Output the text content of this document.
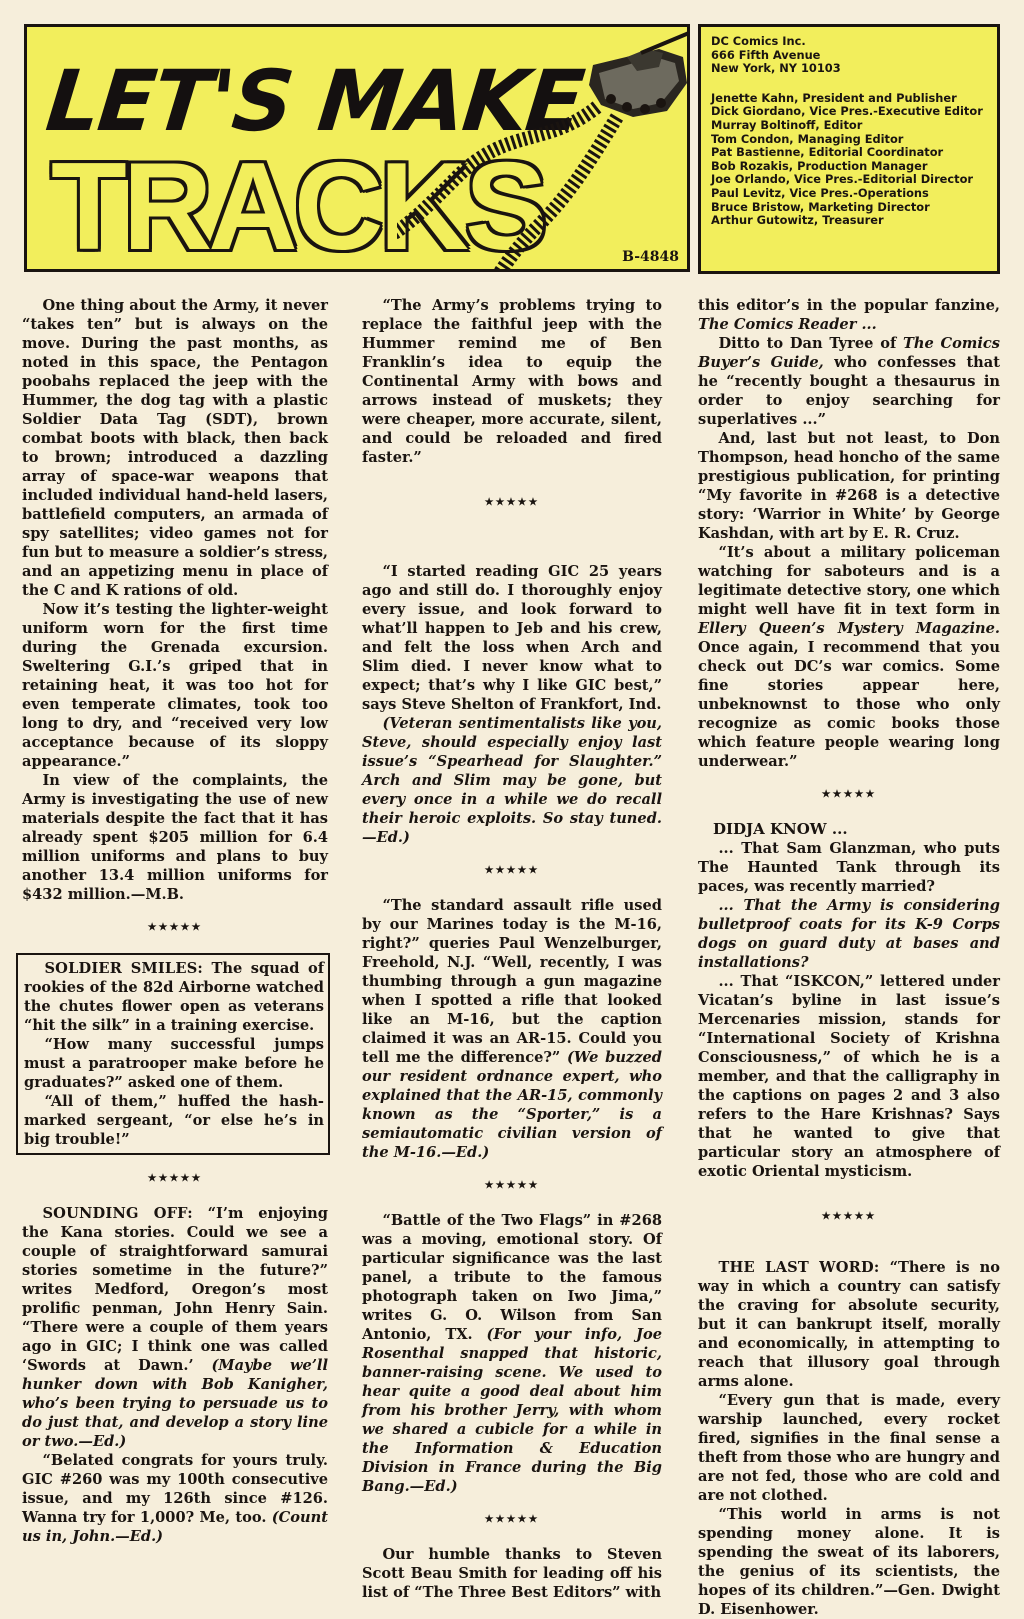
LET'S MAKE
TRACKS	B-4848
DC Comics Inc.
666 Fifth Avenue
New York, NY 10103
Jenette Kahn, President and Publisher
Dick Giordano, Vice Pres.-Executive Editor
Murray Boltinoff, Editor
Tom Condon, Managing Editor
Pat Bastienne, Editorial Coordinator
Bob Rozakis, Production Manager
Joe Orlando, Vice Pres.-Editorial Director
Paul Levitz, Vice Pres.-Operations
Bruce Bristow, Marketing Director
Arthur Gutowitz, Treasurer

One thing about the Army, it never “takes ten” but is always on the move. During the past months, as noted in this space, the Pentagon poobahs replaced the jeep with the Hummer, the dog tag with a plastic Soldier Data Tag (SDT), brown combat boots with black, then back to brown; introduced a dazzling array of space-war weapons that included individual hand-held lasers, battlefield computers, an armada of spy satellites; video games not for fun but to measure a soldier’s stress, and an appetizing menu in place of the C and K rations of old.

Now it’s testing the lighter-weight uniform worn for the first time during the Grenada excursion. Sweltering G.I.’s griped that in retaining heat, it was too hot for even temperate climates, took too long to dry, and “received very low acceptance because of its sloppy appearance.”

In view of the complaints, the Army is investigating the use of new materials despite the fact that it has already spent $205 million for 6.4 million uniforms and plans to buy another 13.4 million uniforms for $432 million.—M.B.

★★★★★

SOLDIER SMILES: The squad of rookies of the 82d Airborne watched the chutes flower open as veterans “hit the silk” in a training exercise.

“How many successful jumps must a paratrooper make before he graduates?” asked one of them.

“All of them,” huffed the hash-marked sergeant, “or else he’s in big trouble!”

★★★★★

SOUNDING OFF: “I’m enjoying the Kana stories. Could we see a couple of straightforward samurai stories sometime in the future?” writes Medford, Oregon’s most prolific penman, John Henry Sain. “There were a couple of them years ago in GIC; I think one was called ‘Swords at Dawn.’ (Maybe we’ll hunker down with Bob Kanigher, who’s been trying to persuade us to do just that, and develop a story line or two.—Ed.)

“Belated congrats for yours truly. GIC #260 was my 100th consecutive issue, and my 126th since #126. Wanna try for 1,000? Me, too. (Count us in, John.—Ed.)

“The Army’s problems trying to replace the faithful jeep with the Hummer remind me of Ben Franklin’s idea to equip the Continental Army with bows and arrows instead of muskets; they were cheaper, more accurate, silent, and could be reloaded and fired faster.”

★★★★★

“I started reading GIC 25 years ago and still do. I thoroughly enjoy every issue, and look forward to what’ll happen to Jeb and his crew, and felt the loss when Arch and Slim died. I never know what to expect; that’s why I like GIC best,” says Steve Shelton of Frankfort, Ind.

(Veteran sentimentalists like you, Steve, should especially enjoy last issue’s “Spearhead for Slaughter.” Arch and Slim may be gone, but every once in a while we do recall their heroic exploits. So stay tuned.—Ed.)

★★★★★

“The standard assault rifle used by our Marines today is the M-16, right?” queries Paul Wenzelburger, Freehold, N.J. “Well, recently, I was thumbing through a gun magazine when I spotted a rifle that looked like an M-16, but the caption claimed it was an AR-15. Could you tell me the difference?” (We buzzed our resident ordnance expert, who explained that the AR-15, commonly known as the “Sporter,” is a semiautomatic civilian version of the M-16.—Ed.)

★★★★★

“Battle of the Two Flags” in #268 was a moving, emotional story. Of particular significance was the last panel, a tribute to the famous photograph taken on Iwo Jima,” writes G. O. Wilson from San Antonio, TX. (For your info, Joe Rosenthal snapped that historic, banner-raising scene. We used to hear quite a good deal about him from his brother Jerry, with whom we shared a cubicle for a while in the Information & Education Division in France during the Big Bang.—Ed.)

★★★★★

Our humble thanks to Steven Scott Beau Smith for leading off his list of “The Three Best Editors” with

this editor’s in the popular fanzine, The Comics Reader ...

Ditto to Dan Tyree of The Comics Buyer’s Guide, who confesses that he “recently bought a thesaurus in order to enjoy searching for superlatives ...”

And, last but not least, to Don Thompson, head honcho of the same prestigious publication, for printing “My favorite in #268 is a detective story: ‘Warrior in White’ by George Kashdan, with art by E. R. Cruz.

“It’s about a military policeman watching for saboteurs and is a legitimate detective story, one which might well have fit in text form in Ellery Queen’s Mystery Magazine. Once again, I recommend that you check out DC’s war comics. Some fine stories appear here, unbeknownst to those who only recognize as comic books those which feature people wearing long underwear.”

★★★★★
DIDJA KNOW ...

... That Sam Glanzman, who puts The Haunted Tank through its paces, was recently married?

... That the Army is considering bulletproof coats for its K-9 Corps dogs on guard duty at bases and installations?

... That “ISKCON,” lettered under Vicatan’s byline in last issue’s Mercenaries mission, stands for “International Society of Krishna Consciousness,” of which he is a member, and that the calligraphy in the captions on pages 2 and 3 also refers to the Hare Krishnas? Says that he wanted to give that particular story an atmosphere of exotic Oriental mysticism.

★★★★★

THE LAST WORD: “There is no way in which a country can satisfy the craving for absolute security, but it can bankrupt itself, morally and economically, in attempting to reach that illusory goal through arms alone.

“Every gun that is made, every warship launched, every rocket fired, signifies in the final sense a theft from those who are hungry and are not fed, those who are cold and are not clothed.

“This world in arms is not spending money alone. It is spending the sweat of its laborers, the genius of its scientists, the hopes of its children.”—Gen. Dwight D. Eisenhower.
